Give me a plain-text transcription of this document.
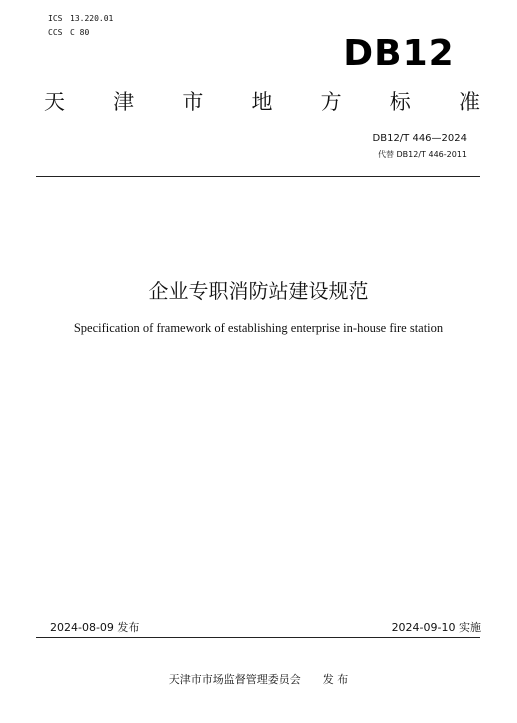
ICS 13.220.01
CCS C 80
DB12
天 津 市 地 方 标 准
DB12/T 446—2024
代替 DB12/T 446-2011
企业专职消防站建设规范
Specification of framework of establishing enterprise in-house fire station
2024-08-09 发布	2024-09-10 实施
天津市市场监督管理委员会 发 布
